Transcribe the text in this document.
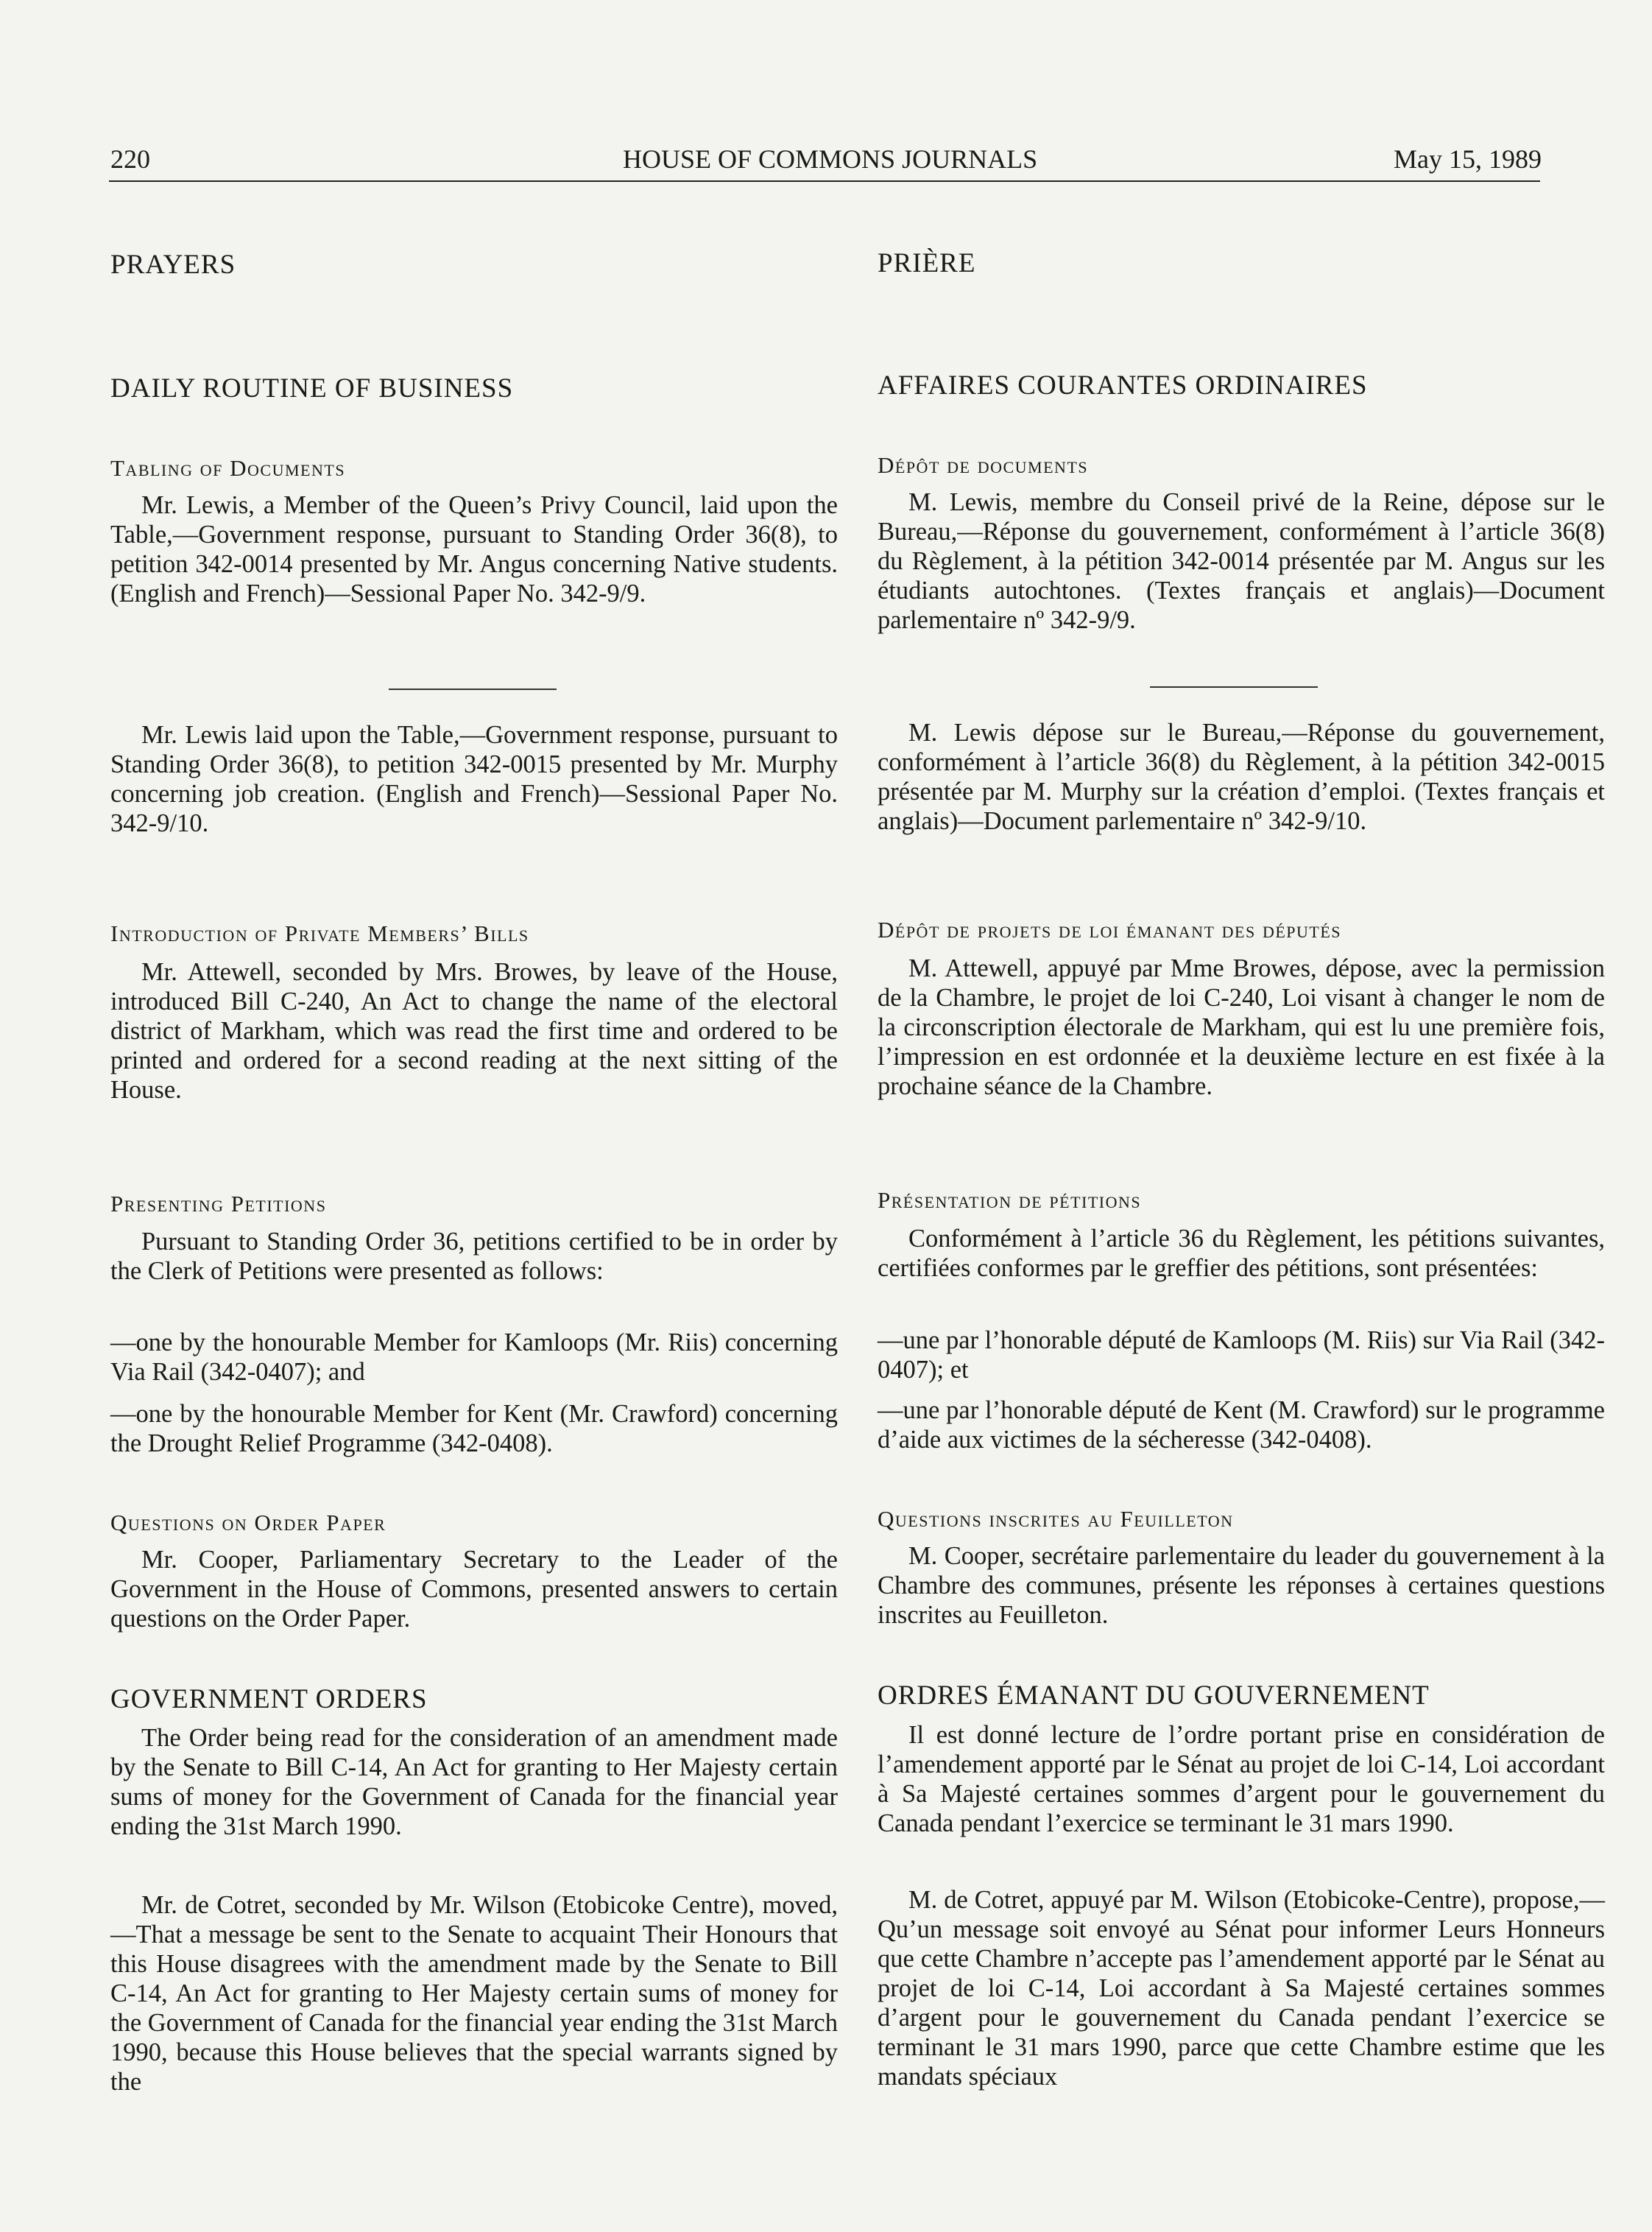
220	HOUSE OF COMMONS JOURNALS	May 15, 1989
PRAYERS
DAILY ROUTINE OF BUSINESS
Tabling of Documents

Mr. Lewis, a Member of the Queen’s Privy Council, laid upon the Table,—Government response, pursuant to Standing Order 36(8), to petition 342-0014 presented by Mr. Angus concerning Native students. (English and French)—Sessional Paper No. 342-9/9.

Mr. Lewis laid upon the Table,—Government response, pursuant to Standing Order 36(8), to petition 342-0015 presented by Mr. Murphy concerning job creation. (English and French)—Sessional Paper No. 342-9/10.

Introduction of Private Members’ Bills

Mr. Attewell, seconded by Mrs. Browes, by leave of the House, introduced Bill C-240, An Act to change the name of the electoral district of Markham, which was read the first time and ordered to be printed and ordered for a second reading at the next sitting of the House.

Presenting Petitions

Pursuant to Standing Order 36, petitions certified to be in order by the Clerk of Petitions were presented as follows:

—one by the honourable Member for Kamloops (Mr. Riis) concerning Via Rail (342-0407); and

—one by the honourable Member for Kent (Mr. Crawford) concerning the Drought Relief Programme (342-0408).

Questions on Order Paper

Mr. Cooper, Parliamentary Secretary to the Leader of the Government in the House of Commons, presented answers to certain questions on the Order Paper.

GOVERNMENT ORDERS

The Order being read for the consideration of an amendment made by the Senate to Bill C-14, An Act for granting to Her Majesty certain sums of money for the Government of Canada for the financial year ending the 31st March 1990.

Mr. de Cotret, seconded by Mr. Wilson (Etobicoke Centre), moved,—That a message be sent to the Senate to acquaint Their Honours that this House disagrees with the amendment made by the Senate to Bill C-14, An Act for granting to Her Majesty certain sums of money for the Government of Canada for the financial year ending the 31st March 1990, because this House believes that the special warrants signed by the

PRIÈRE
AFFAIRES COURANTES ORDINAIRES
Dépôt de documents

M. Lewis, membre du Conseil privé de la Reine, dépose sur le Bureau,—Réponse du gouvernement, conformément à l’article 36(8) du Règlement, à la pétition 342-0014 présentée par M. Angus sur les étudiants autochtones. (Textes français et anglais)—Document parlementaire nº 342-9/9.

M. Lewis dépose sur le Bureau,—Réponse du gouvernement, conformément à l’article 36(8) du Règlement, à la pétition 342-0015 présentée par M. Murphy sur la création d’emploi. (Textes français et anglais)—Document parlementaire nº 342-9/10.

Dépôt de projets de loi émanant des députés

M. Attewell, appuyé par Mme Browes, dépose, avec la permission de la Chambre, le projet de loi C-240, Loi visant à changer le nom de la circonscription électorale de Markham, qui est lu une première fois, l’impression en est ordonnée et la deuxième lecture en est fixée à la prochaine séance de la Chambre.

Présentation de pétitions

Conformément à l’article 36 du Règlement, les pétitions suivantes, certifiées conformes par le greffier des pétitions, sont présentées:

—une par l’honorable député de Kamloops (M. Riis) sur Via Rail (342-0407); et

—une par l’honorable député de Kent (M. Crawford) sur le programme d’aide aux victimes de la sécheresse (342-0408).

Questions inscrites au Feuilleton

M. Cooper, secrétaire parlementaire du leader du gouvernement à la Chambre des communes, présente les réponses à certaines questions inscrites au Feuilleton.

ORDRES ÉMANANT DU GOUVERNEMENT

Il est donné lecture de l’ordre portant prise en considération de l’amendement apporté par le Sénat au projet de loi C-14, Loi accordant à Sa Majesté certaines sommes d’argent pour le gouvernement du Canada pendant l’exercice se terminant le 31 mars 1990.

M. de Cotret, appuyé par M. Wilson (Etobicoke-Centre), propose,—Qu’un message soit envoyé au Sénat pour informer Leurs Honneurs que cette Chambre n’accepte pas l’amendement apporté par le Sénat au projet de loi C-14, Loi accordant à Sa Majesté certaines sommes d’argent pour le gouvernement du Canada pendant l’exercice se terminant le 31 mars 1990, parce que cette Chambre estime que les mandats spéciaux
